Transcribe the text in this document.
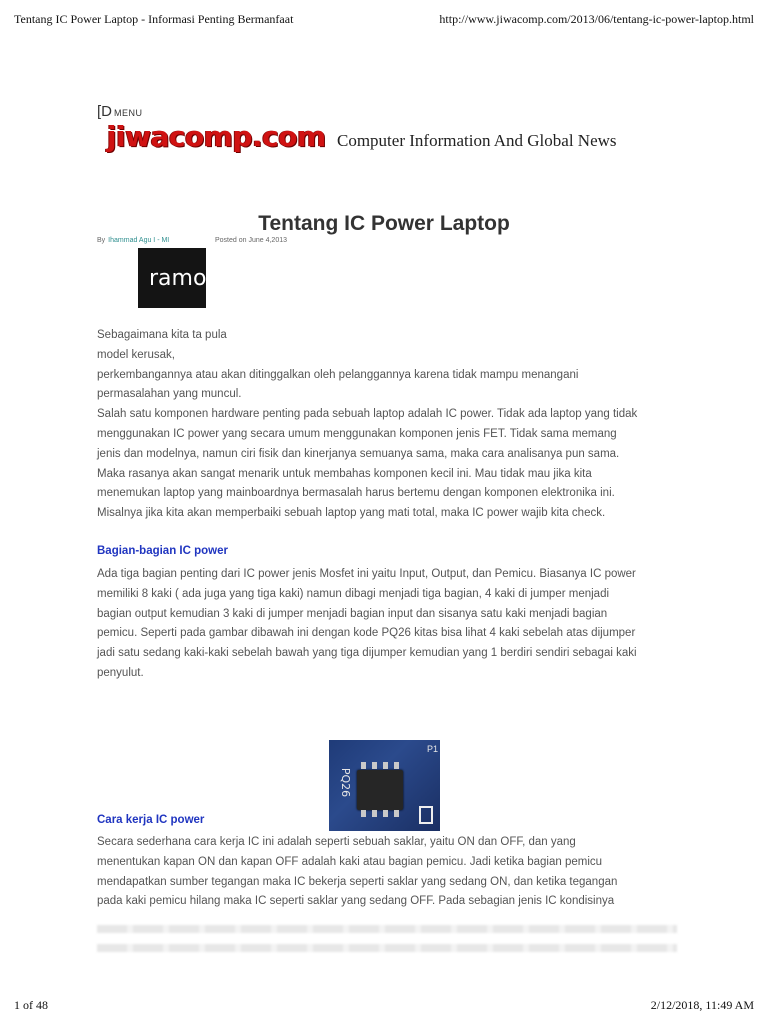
Tentang IC Power Laptop - Informasi Penting Bermanfaat	http://www.jiwacomp.com/2013/06/tentang-ic-power-laptop.html
[DMENU
jiwacomp.com Computer Information And Global News
Tentang IC Power Laptop
By Ihammad Agu I - MI	Posted on June 4,2013
ramo

Sebagaimana kita ta pula

model kerusak,

perkembangannya atau akan ditinggalkan oleh pelanggannya karena tidak mampu menangani

permasalahan yang muncul.

Salah satu komponen hardware penting pada sebuah laptop adalah IC power. Tidak ada laptop yang tidak

menggunakan IC power yang secara umum menggunakan komponen jenis FET. Tidak sama memang

jenis dan modelnya, namun ciri fisik dan kinerjanya semuanya sama, maka cara analisanya pun sama.

Maka rasanya akan sangat menarik untuk membahas komponen kecil ini. Mau tidak mau jika kita

menemukan laptop yang mainboardnya bermasalah harus bertemu dengan komponen elektronika ini.

Misalnya jika kita akan memperbaiki sebuah laptop yang mati total, maka IC power wajib kita check.

Bagian-bagian IC power

Ada tiga bagian penting dari IC power jenis Mosfet ini yaitu Input, Output, dan Pemicu. Biasanya IC power

memiliki 8 kaki ( ada juga yang tiga kaki) namun dibagi menjadi tiga bagian, 4 kaki di jumper menjadi

bagian output kemudian 3 kaki di jumper menjadi bagian input dan sisanya satu kaki menjadi bagian

pemicu. Seperti pada gambar dibawah ini dengan kode PQ26 kitas bisa lihat 4 kaki sebelah atas dijumper

jadi satu sedang kaki-kaki sebelah bawah yang tiga dijumper kemudian yang 1 berdiri sendiri sebagai kaki

penyulut.

Secara sederhana cara kerja IC ini adalah seperti sebuah saklar, yaitu ON dan OFF, dan yang

menentukan kapan ON dan kapan OFF adalah kaki atau bagian pemicu. Jadi ketika bagian pemicu

mendapatkan sumber tegangan maka IC bekerja seperti saklar yang sedang ON, dan ketika tegangan

pada kaki pemicu hilang maka IC seperti saklar yang sedang OFF. Pada sebagian jenis IC kondisinya

P1
PQ26
Cara kerja IC power
1 of 48	2/12/2018, 11:49 AM
